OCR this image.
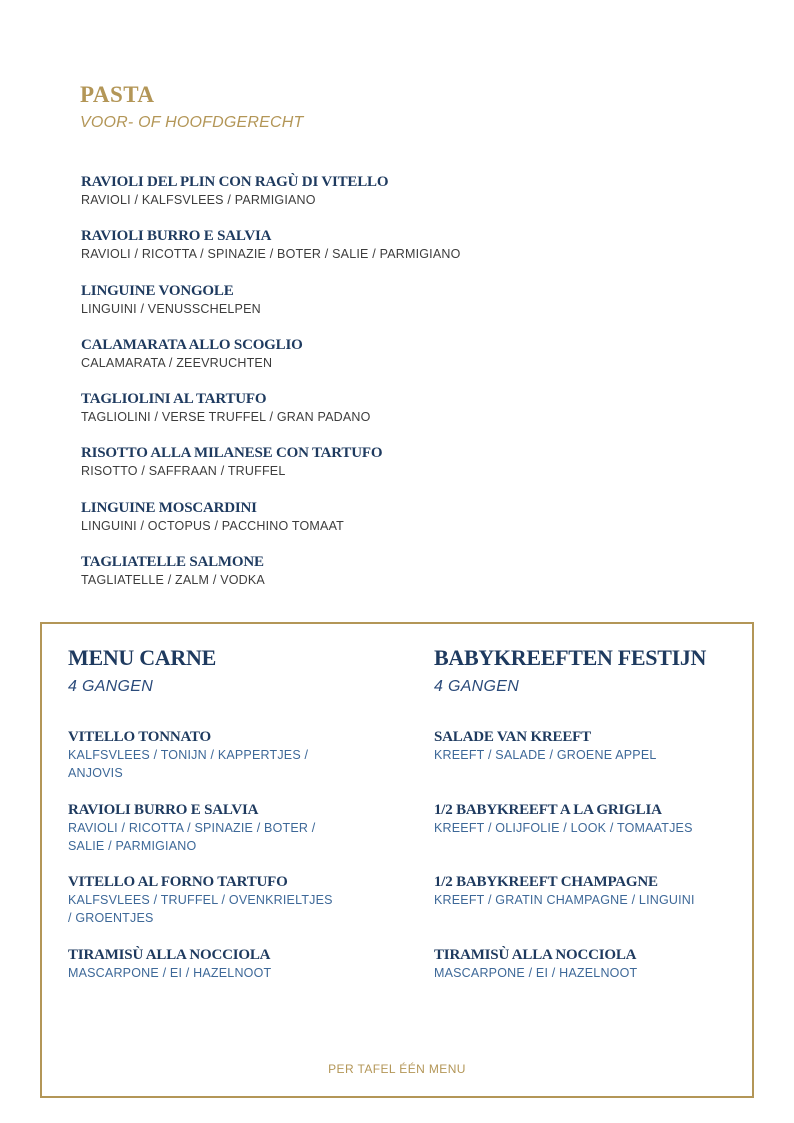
PASTA
VOOR- OF HOOFDGERECHT
RAVIOLI DEL PLIN CON RAGÙ DI VITELLO
RAVIOLI / KALFSVLEES / PARMIGIANO
RAVIOLI BURRO E SALVIA
RAVIOLI / RICOTTA / SPINAZIE / BOTER / SALIE / PARMIGIANO
LINGUINE VONGOLE
LINGUINI / VENUSSCHELPEN
CALAMARATA ALLO SCOGLIO
CALAMARATA / ZEEVRUCHTEN
TAGLIOLINI AL TARTUFO
TAGLIOLINI / VERSE TRUFFEL / GRAN PADANO
RISOTTO ALLA MILANESE CON TARTUFO
RISOTTO / SAFFRAAN / TRUFFEL
LINGUINE MOSCARDINI
LINGUINI / OCTOPUS / PACCHINO TOMAAT
TAGLIATELLE SALMONE
TAGLIATELLE / ZALM / VODKA
MENU CARNE
4 GANGEN
VITELLO TONNATO
KALFSVLEES / TONIJN / KAPPERTJES / ANJOVIS
RAVIOLI BURRO E SALVIA
RAVIOLI / RICOTTA / SPINAZIE / BOTER / SALIE / PARMIGIANO
VITELLO AL FORNO TARTUFO
KALFSVLEES / TRUFFEL / OVENKRIELTJES / GROENTJES
TIRAMISÙ ALLA NOCCIOLA
MASCARPONE / EI / HAZELNOOT
BABYKREEFTEN FESTIJN
4 GANGEN
SALADE VAN KREEFT
KREEFT / SALADE / GROENE APPEL
1/2 BABYKREEFT A LA GRIGLIA
KREEFT / OLIJFOLIE / LOOK / TOMAATJES
1/2 BABYKREEFT CHAMPAGNE
KREEFT / GRATIN CHAMPAGNE / LINGUINI
TIRAMISÙ ALLA NOCCIOLA
MASCARPONE / EI / HAZELNOOT
PER TAFEL ÉÉN MENU
